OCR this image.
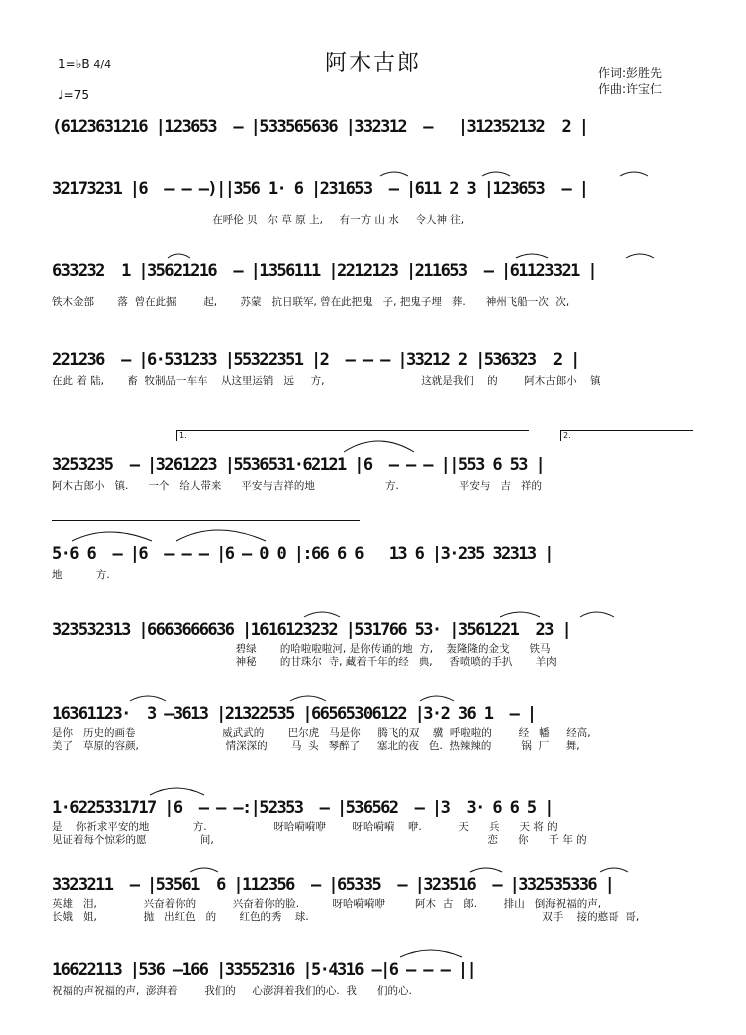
阿木古郎
1=♭B 4/4
♩=75
作词:彭胜先
作曲:许宝仁
(6123631216 |123653  – |533565636 |332312  –   |312352132  2 |
32173231 |6  – – –)||356 1· 6 |231653  – |611 2 3 |123653  – |
在呼伦 贝   尔 草 原 上,     有一方 山 水     令人神 往,
633232  1 |35621216  – |1356111 |2212123 |211653  – |61123321 |
铁木金部       落  曾在此掘        起,       苏蒙   抗日联军, 曾在此把鬼   子, 把鬼子埋   葬.      神州飞船一次  次,
221236  – |6·531233 |55322351 |2  – – – |33212 2 |536323  2 |
在此 着 陆,       畜  牧制品一车车    从这里运销   远     方,                             这就是我们    的        阿木古郎小    镇
3253235  – |3261223 |5536531·62121 |6  – – – ||553 6 53 |
阿木古郎小   镇.      一个   给人带来      平安与吉祥的地                     方.                  平安与   吉   祥的
5·6 6  – |6  – – – |6 – 0 0 |:66 6 6   13 6 |3·235 32313 |
地          方.
323532313 |6663666636 |1616123232 |531766 53· |3561221  23 |
碧绿       的哈啦啦啦河, 是你传诵的地  方,    轰隆隆的金戈      铁马
神秘       的甘珠尔  寺, 藏着千年的经   典,     香喷喷的手扒       羊肉
16361123·  3 –3613 |21322535 |66565306122 |3·2 36 1  – |
是你   历史的画卷                          威武武的       巴尔虎   马是你     腾飞的双    骥  呼啦啦的        经   幡     经高,
美了   草原的容颜,                          情深深的       马  头   琴醉了     塞北的夜   色.  热辣辣的         锅  厂     舞,
1·6225331717 |6  – – –:|52353  – |536562  – |3  3· 6 6 5 |
是    你祈求平安的地             方.                    呀哈嗬嗬咿        呀哈嗬嗬    咿.           天      兵      天 将 的
见证着每个惊彩的愿                间,                                                                                  恋      你      千 年 的
3323211  – |53561  6 |112356  – |65335  – |323516  – |332535336 |
英雄   泪,              兴奋着你的           兴奋着你的脸.          呀哈嗬嗬咿         阿木  古   郎.        排山   倒海祝福的声,
长娥   姐,              抛   出红色   的       红色的秀    球.                                                                      双手    接的憨哥  哥,
16622113 |536 –166 |33552316 |5·4316 –|6 – – – ||
祝福的声祝福的声,  澎湃着        我们的     心澎湃着我们的心.  我      们的心.
1.	2.
